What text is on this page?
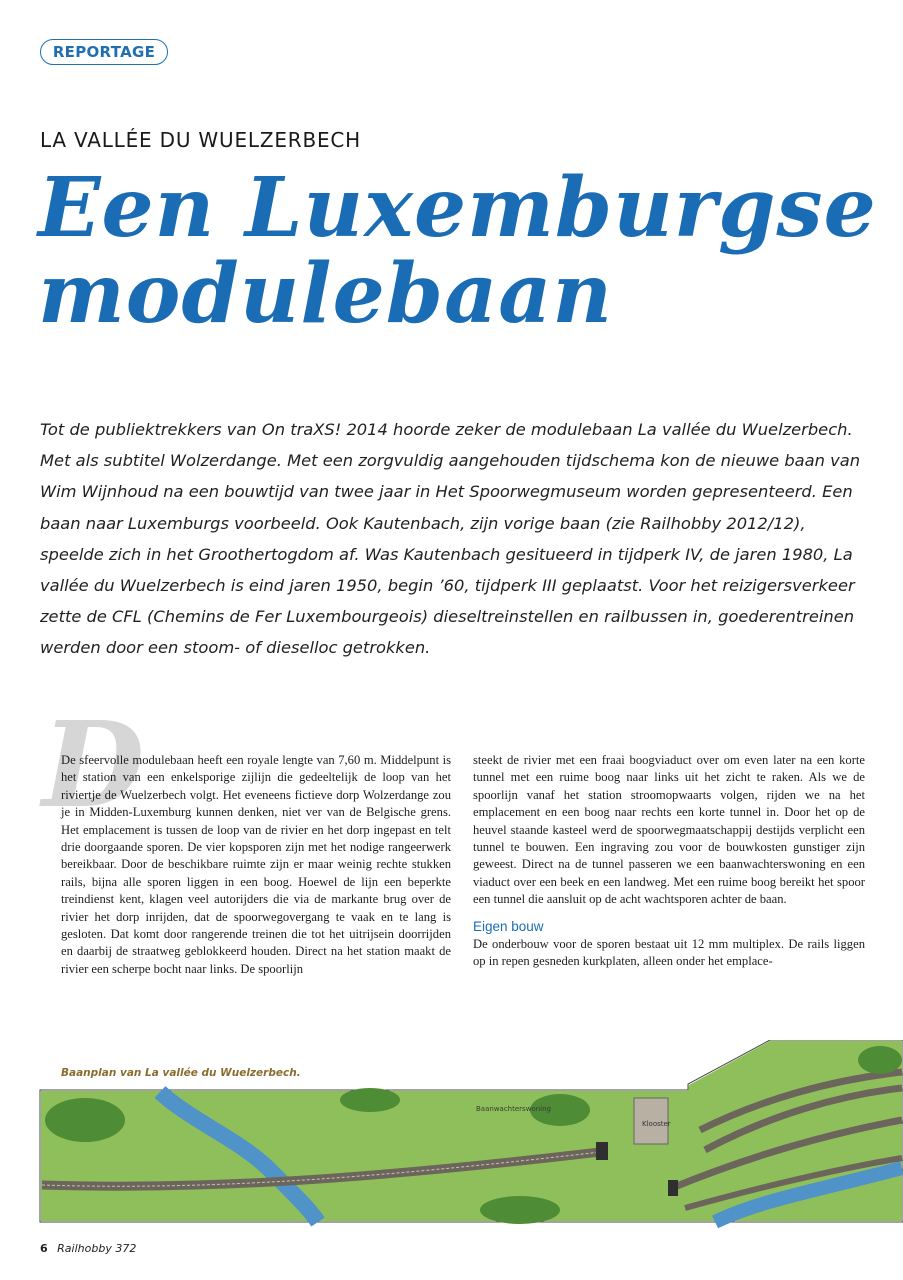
REPORTAGE
LA VALLÉE DU WUELZERBECH
Een Luxemburgse
modulebaan
Tot de publiektrekkers van On traXS! 2014 hoorde zeker de modulebaan La vallée du Wuelzerbech. Met als subtitel Wolzerdange. Met een zorgvuldig aangehouden tijdschema kon de nieuwe baan van Wim Wijnhoud na een bouwtijd van twee jaar in Het Spoorwegmuseum worden gepresenteerd. Een baan naar Luxemburgs voorbeeld. Ook Kautenbach, zijn vorige baan (zie Railhobby 2012/12), speelde zich in het Groothertogdom af. Was Kautenbach gesitueerd in tijdperk IV, de jaren 1980, La vallée du Wuelzerbech is eind jaren 1950, begin ’60, tijdperk III geplaatst. Voor het reizigersverkeer zette de CFL (Chemins de Fer Luxembourgeois) dieseltreinstellen en railbussen in, goederentreinen werden door een stoom- of dieselloc getrokken.
D

De sfeervolle modulebaan heeft een royale lengte van 7,60 m. Middelpunt is het station van een enkelsporige zijlijn die gedeeltelijk de loop van het riviertje de Wuelzerbech volgt. Het eveneens fictieve dorp Wolzerdange zou je in Midden-Luxemburg kunnen denken, niet ver van de Belgische grens. Het emplacement is tussen de loop van de rivier en het dorp ingepast en telt drie doorgaande sporen. De vier kopsporen zijn met het nodige rangeerwerk bereikbaar. Door de beschikbare ruimte zijn er maar weinig rechte stukken rails, bijna alle sporen liggen in een boog. Hoewel de lijn een beperkte treindienst kent, klagen veel autorijders die via de markante brug over de rivier het dorp inrijden, dat de spoorwegovergang te vaak en te lang is gesloten. Dat komt door rangerende treinen die tot het uitrijsein doorrijden en daarbij de straatweg geblokkeerd houden. Direct na het station maakt de rivier een scherpe bocht naar links. De spoorlijn

steekt de rivier met een fraai boogviaduct over om even later na een korte tunnel met een ruime boog naar links uit het zicht te raken. Als we de spoorlijn vanaf het station stroomopwaarts volgen, rijden we na het emplacement en een boog naar rechts een korte tunnel in. Door het op de heuvel staande kasteel werd de spoorwegmaatschappij destijds verplicht een tunnel te bouwen. Een ingraving zou voor de bouwkosten gunstiger zijn geweest. Direct na de tunnel passeren we een baanwachterswoning en een viaduct over een beek en een landweg. Met een ruime boog bereikt het spoor een tunnel die aansluit op de acht wachtsporen achter de baan.

Eigen bouw

De onderbouw voor de sporen bestaat uit 12 mm multiplex. De rails liggen op in repen gesneden kurkplaten, alleen onder het emplace-

Klooster
Baanwachterswoning
Baanplan van La vallée du Wuelzerbech.
6 Railhobby 372
